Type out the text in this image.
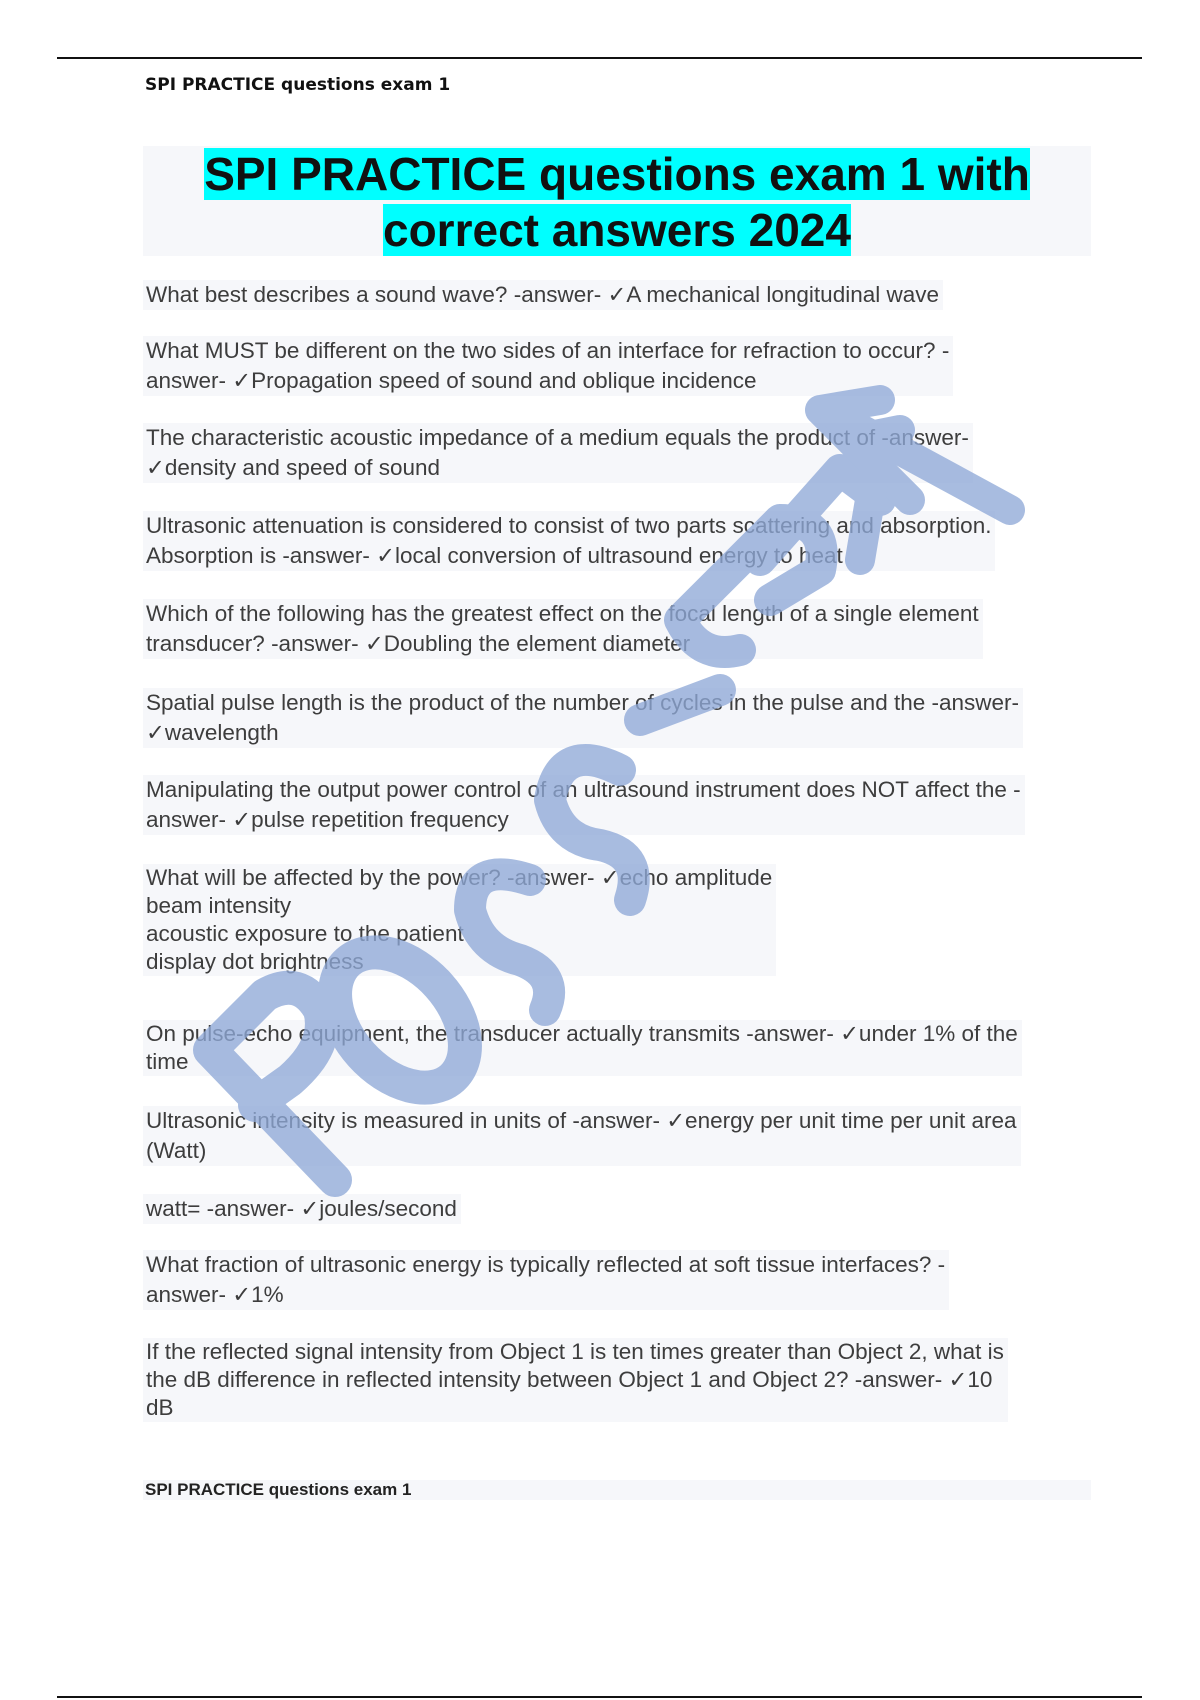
SPI PRACTICE questions exam 1
SPI PRACTICE questions exam 1 with
correct answers 2024
What best describes a sound wave? -answer- ✓A mechanical longitudinal wave
What MUST be different on the two sides of an interface for refraction to occur? -
answer- ✓Propagation speed of sound and oblique incidence
The characteristic acoustic impedance of a medium equals the product of -answer-
✓density and speed of sound
Ultrasonic attenuation is considered to consist of two parts scattering and absorption.
Absorption is -answer- ✓local conversion of ultrasound energy to heat
Which of the following has the greatest effect on the focal length of a single element
transducer? -answer- ✓Doubling the element diameter
Spatial pulse length is the product of the number of cycles in the pulse and the -answer-
✓wavelength
Manipulating the output power control of an ultrasound instrument does NOT affect the -
answer- ✓pulse repetition frequency
What will be affected by the power? -answer- ✓echo amplitude
beam intensity
acoustic exposure to the patient
display dot brightness
On pulse-echo equipment, the transducer actually transmits -answer- ✓under 1% of the
time
Ultrasonic intensity is measured in units of -answer- ✓energy per unit time per unit area
(Watt)
watt= -answer- ✓joules/second
What fraction of ultrasonic energy is typically reflected at soft tissue interfaces? -
answer- ✓1%
If the reflected signal intensity from Object 1 is ten times greater than Object 2, what is
the dB difference in reflected intensity between Object 1 and Object 2? -answer- ✓10
dB
SPI PRACTICE questions exam 1
